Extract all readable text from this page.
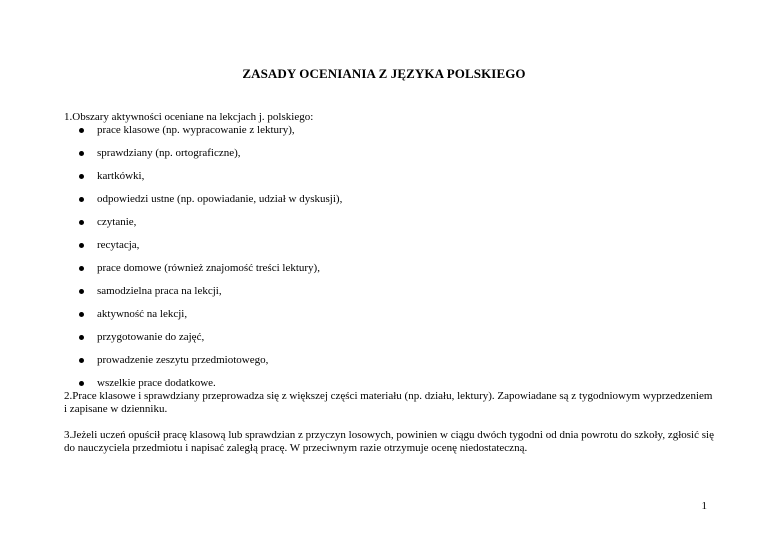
ZASADY OCENIANIA Z JĘZYKA POLSKIEGO
1.Obszary aktywności oceniane na lekcjach j. polskiego:
prace klasowe (np. wypracowanie z lektury),
sprawdziany (np. ortograficzne),
kartkówki,
odpowiedzi ustne (np. opowiadanie, udział w dyskusji),
czytanie,
recytacja,
prace domowe (również znajomość treści lektury),
samodzielna praca na lekcji,
aktywność na lekcji,
przygotowanie do zajęć,
prowadzenie zeszytu przedmiotowego,
wszelkie prace dodatkowe.
2.Prace klasowe i sprawdziany przeprowadza się z większej części materiału (np. działu, lektury). Zapowiadane są z tygodniowym wyprzedzeniem i zapisane w dzienniku.
3.Jeżeli uczeń opuścił pracę klasową lub sprawdzian z przyczyn losowych, powinien w ciągu dwóch tygodni od dnia powrotu do szkoły, zgłosić się do nauczyciela przedmiotu i napisać zaległą pracę. W przeciwnym razie otrzymuje ocenę niedostateczną.
1
